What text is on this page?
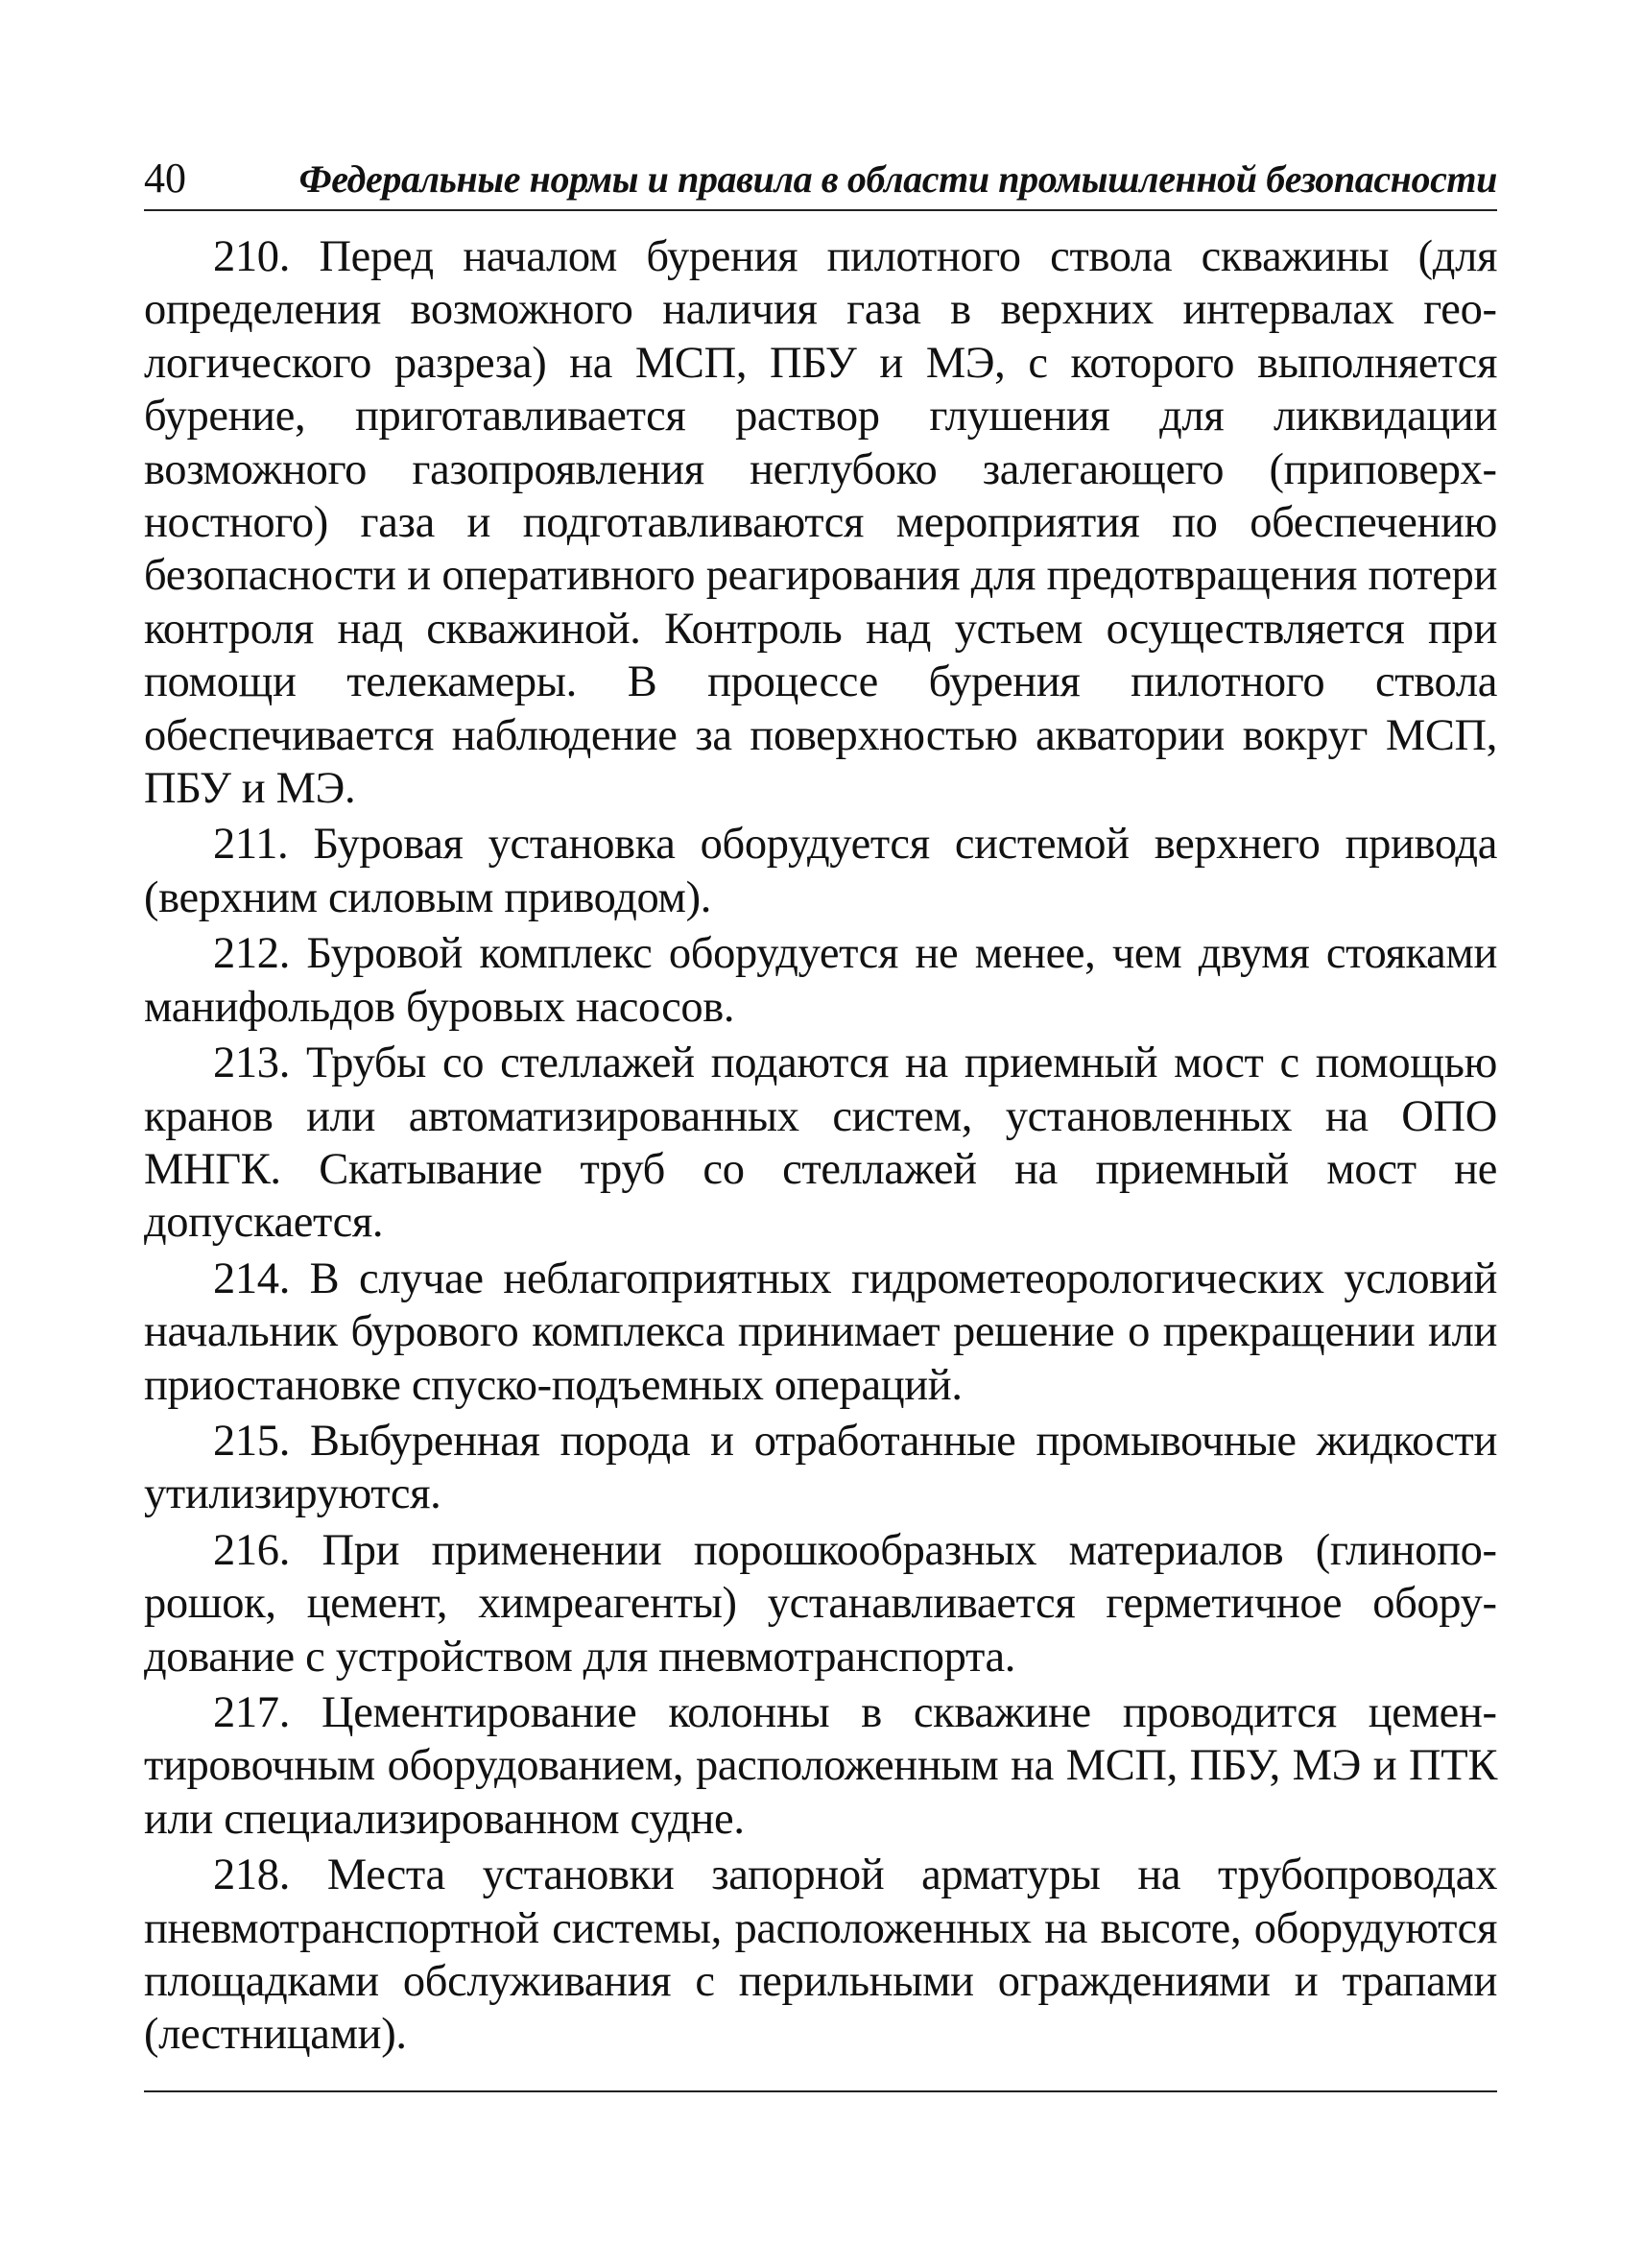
40	Федеральные нормы и правила в области промышленной безопасности

210. Перед началом бурения пилотного ствола скважины (для определения возможного наличия газа в верхних интервалах геологического разреза) на МСП, ПБУ и МЭ, с которого выполняется бурение, приготавливается раствор глушения для ликвидации возможного газопроявления неглубоко залегающего (приповерхностного) газа и подготавливаются мероприятия по обеспечению безопасности и оперативного реагирования для предотвращения потери контроля над скважиной. Контроль над устьем осуществляется при помощи телекамеры. В процессе бурения пилотного ствола обеспечивается наблюдение за поверхностью акватории вокруг МСП, ПБУ и МЭ.

211. Буровая установка оборудуется системой верхнего привода (верхним силовым приводом).

212. Буровой комплекс оборудуется не менее, чем двумя стояками манифольдов буровых насосов.

213. Трубы со стеллажей подаются на приемный мост с помощью кранов или автоматизированных систем, установленных на ОПО МНГК. Скатывание труб со стеллажей на приемный мост не допускается.

214. В случае неблагоприятных гидрометеорологических условий начальник бурового комплекса принимает решение о прекращении или приостановке спуско-подъемных операций.

215. Выбуренная порода и отработанные промывочные жидкости утилизируются.

216. При применении порошкообразных материалов (глинопорошок, цемент, химреагенты) устанавливается герметичное оборудование с устройством для пневмотранспорта.

217. Цементирование колонны в скважине проводится цементировочным оборудованием, расположенным на МСП, ПБУ, МЭ и ПТК или специализированном судне.

218. Места установки запорной арматуры на трубопроводах пневмотранспортной системы, расположенных на высоте, оборудуются площадками обслуживания с перильными ограждениями и трапами (лестницами).
